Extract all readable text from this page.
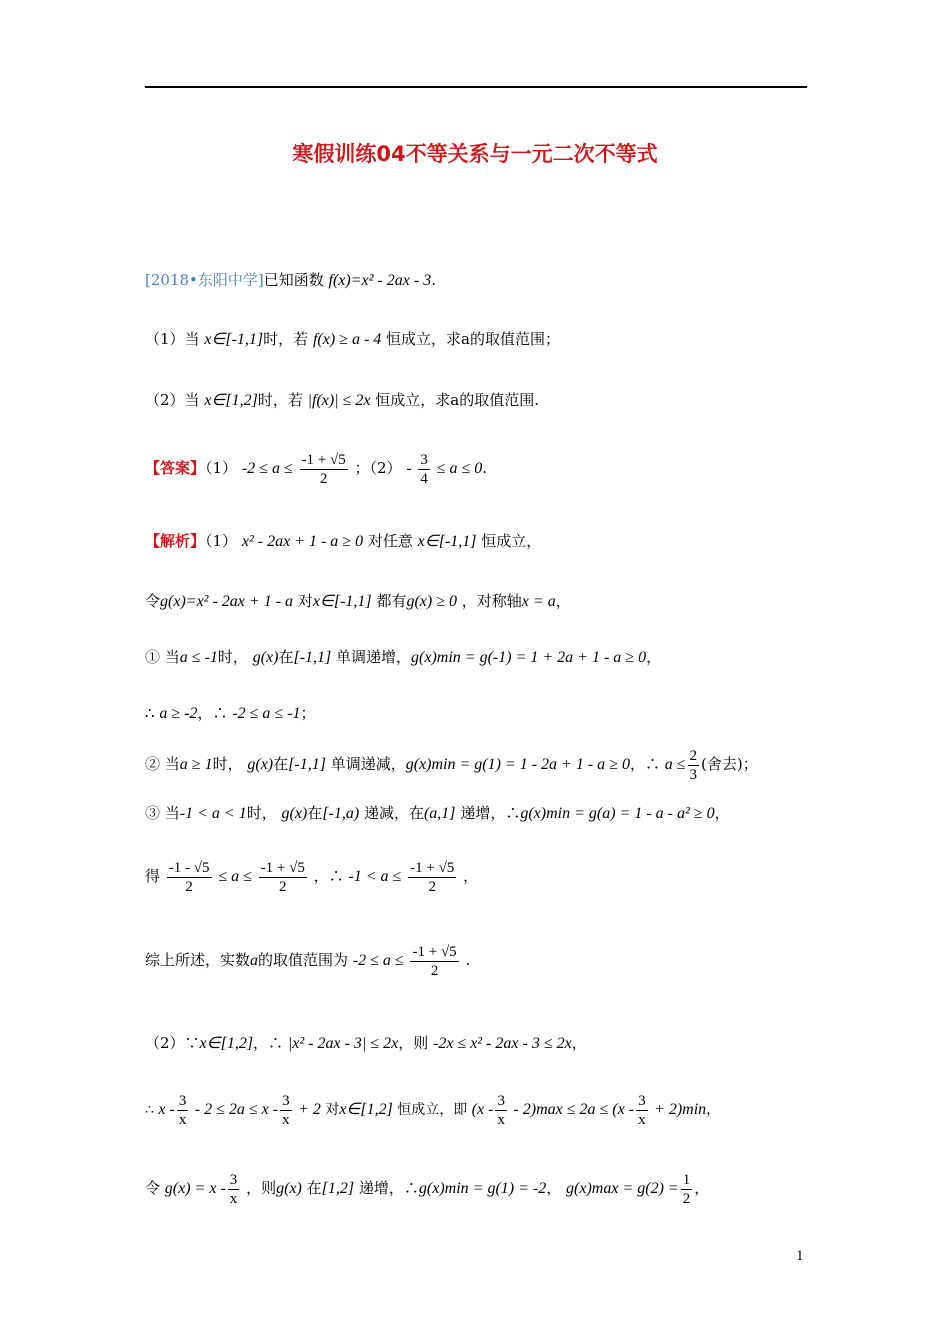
寒假训练04不等关系与一元二次不等式
[2018•东阳中学]已知函数 f(x)=x² - 2ax - 3.
（1）当 x∈[-1,1]时，若 f(x) ≥ a - 4 恒成立，求a的取值范围；
（2）当 x∈[1,2]时，若 |f(x)| ≤ 2x 恒成立，求a的取值范围.
【答案】（1） $-2 \le a \le \frac{-1 + √5}{2}$ ；$(2) - \frac{3}{4} \le a \le 0$.
【解析】（1） x² - 2ax + 1 - a ≥ 0 对任意 x∈[-1,1] 恒成立，
令g(x)=x² - 2ax + 1 - a 对x∈[-1,1] 都有g(x) ≥ 0 ，对称轴x = a，
① 当a ≤ -1时， g(x)在[-1,1] 单调递增，g(x)min = g(-1) = 1 + 2a + 1 - a ≥ 0，
∴ a ≥ -2，∴ -2 ≤ a ≤ -1；
② 当a ≥ 1时， g(x)在[-1,1] 单调递减，g(x)min = g(1) = 1 - 2a + 1 - a ≥ 0，∴ $a \le \frac{2}{3}$ (舍去)；
③ 当-1 < a < 1时， g(x)在[-1,a) 递减，在(a,1] 递增，∴g(x)min = g(a) = 1 - a - a² ≥ 0，
得 $\frac{-1 - √5}{2} \le a \le \frac{-1 + √5}{2}$ ，∴ $-1 < a \le \frac{-1 + √5}{2}$ ，
综上所述，实数a的取值范围为 $-2 \le a \le \frac{-1 + √5}{2}$ .
（2）∵x∈[1,2]，∴ |x² - 2ax - 3| ≤ 2x，则 -2x ≤ x² - 2ax - 3 ≤ 2x，
∴ $x - \frac{3}{x} - 2 \le 2a \le x - \frac{3}{x} + 2$ 对x∈[1,2] 恒成立，即 $(x - \frac{3}{x} - 2)\max \le 2a \le (x - \frac{3}{x} + 2)\min$，
令 $g(x) = x - \frac{3}{x}$ ，则g(x) 在[1,2] 递增，∴g(x)min = g(1) = -2， $g(x)\max = g(2) = \frac{1}{2}$ ，
1
